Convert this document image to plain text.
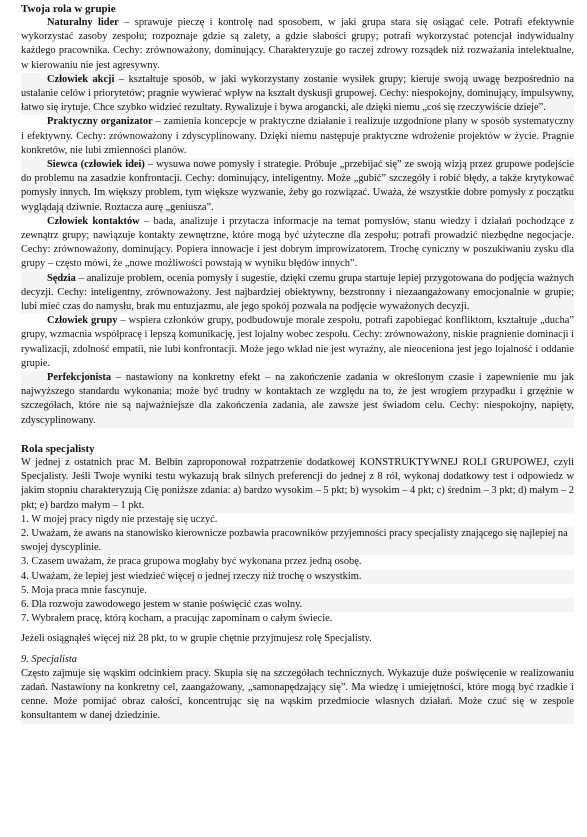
Twoja rola w grupie

Naturalny lider – sprawuje pieczę i kontrolę nad sposobem, w jaki grupa stara się osiągać cele. Potrafi efektywnie wykorzystać zasoby zespołu; rozpoznaje gdzie są zalety, a gdzie słabości grupy; potrafi wykorzystać potencjał indywidualny każdego pracownika. Cechy: zrównoważony, dominujący. Charakteryzuje go raczej zdrowy rozsądek niż rozważania intelektualne, w kierowaniu nie jest agresywny.

Człowiek akcji – kształtuje sposób, w jaki wykorzystany zostanie wysiłek grupy; kieruje swoją uwagę bezpośrednio na ustalanie celów i priorytetów; pragnie wywierać wpływ na kształt dyskusji grupowej. Cechy: niespokojny, dominujący, impulsywny, łatwo się irytuje. Chce szybko widzieć rezultaty. Rywalizuje i bywa arogancki, ale dzięki niemu „coś się rzeczywiście dzieje”.

Praktyczny organizator – zamienia koncepcje w praktyczne działanie i realizuje uzgodnione plany w sposób systematyczny i efektywny. Cechy: zrównoważony i zdyscyplinowany. Dzięki niemu następuje praktyczne wdrożenie projektów w życie. Pragnie konkretów, nie lubi zmienności planów.

Siewca (człowiek idei) – wysuwa nowe pomysły i strategie. Próbuje „przebijać się” ze swoją wizją przez grupowe podejście do problemu na zasadzie konfrontacji. Cechy: dominujący, inteligentny. Może „gubić” szczegóły i robić błędy, a także krytykować pomysły innych. Im większy problem, tym większe wyzwanie, żeby go rozwiązać. Uważa, że wszystkie dobre pomysły z początku wyglądają dziwnie. Roztacza aurę „geniusza”.

Człowiek kontaktów – bada, analizuje i przytacza informacje na temat pomysłów, stanu wiedzy i działań pochodzące z zewnątrz grupy; nawiązuje kontakty zewnętrzne, które mogą być użyteczne dla zespołu; potrafi prowadzić niezbędne negocjacje. Cechy: zrównoważony, dominujący. Popiera innowacje i jest dobrym improwizatorem. Trochę cyniczny w poszukiwaniu zysku dla grupy – często mówi, że „nowe możliwości powstają w wyniku błędów innych”.

Sędzia – analizuje problem, ocenia pomysły i sugestie, dzięki czemu grupa startuje lepiej przygotowana do podjęcia ważnych decyzji. Cechy: inteligentny, zrównoważony. Jest najbardziej obiektywny, bezstronny i niezaangażowany emocjonalnie w grupie; lubi mieć czas do namysłu, brak mu entuzjazmu, ale jego spokój pozwala na podjęcie wyważonych decyzji.

Człowiek grupy – wspiera członków grupy, podbudowuje morale zespołu, potrafi zapobiegać konfliktom, kształtuje „ducha” grupy, wzmacnia współpracę i lepszą komunikację, jest lojalny wobec zespołu. Cechy: zrównoważony, niskie pragnienie dominacji i rywalizacji, zdolność empatii, nie lubi konfrontacji. Może jego wkład nie jest wyraźny, ale nieoceniona jest jego lojalność i oddanie grupie.

Perfekcjonista – nastawiony na konkretny efekt – na zakończenie zadania w określonym czasie i zapewnienie mu jak najwyższego standardu wykonania; może być trudny w kontaktach ze względu na to, że jest wrogiem przypadku i grzęźnie w szczegółach, które nie są najważniejsze dla zakończenia zadania, ale zawsze jest świadom celu. Cechy: niespokojny, napięty, zdyscyplinowany.

Rola specjalisty

W jednej z ostatnich prac M. Belbin zaproponował rozpatrzenie dodatkowej KONSTRUKTYWNEJ ROLI GRUPOWEJ, czyli Specjalisty. Jeśli Twoje wyniki testu wykazują brak silnych preferencji do jednej z 8 ról, wykonaj dodatkowy test i odpowiedz w jakim stopniu charakteryzują Cię poniższe zdania: a) bardzo wysokim – 5 pkt; b) wysokim – 4 pkt; c) średnim – 3 pkt; d) małym – 2 pkt; e) bardzo małym – 1 pkt.

1. W mojej pracy nigdy nie przestaję się uczyć.

2. Uważam, że awans na stanowisko kierownicze pozbawia pracowników przyjemności pracy specjalisty znającego się najlepiej na swojej dyscyplinie.

3. Czasem uważam, że praca grupowa mogłaby być wykonana przez jedną osobę.

4. Uważam, że lepiej jest wiedzieć więcej o jednej rzeczy niż trochę o wszystkim.

5. Moja praca mnie fascynuje.

6. Dla rozwoju zawodowego jestem w stanie poświęcić czas wolny.

7. Wybrałem pracę, którą kocham, a pracując zapominam o całym świecie.

Jeżeli osiągnąłeś więcej niż 28 pkt, to w grupie chętnie przyjmujesz rolę Specjalisty.

9. Specjalista

Często zajmuje się wąskim odcinkiem pracy. Skupia się na szczegółach technicznych. Wykazuje duże poświęcenie w realizowaniu zadań. Nastawiony na konkretny cel, zaangażowany, „samonapędzający się”. Ma wiedzę i umiejętności, które mogą być rzadkie i cenne. Może pomijać obraz całości, koncentrując się na wąskim przedmiocie własnych działań. Może czuć się w zespole konsultantem w danej dziedzinie.
